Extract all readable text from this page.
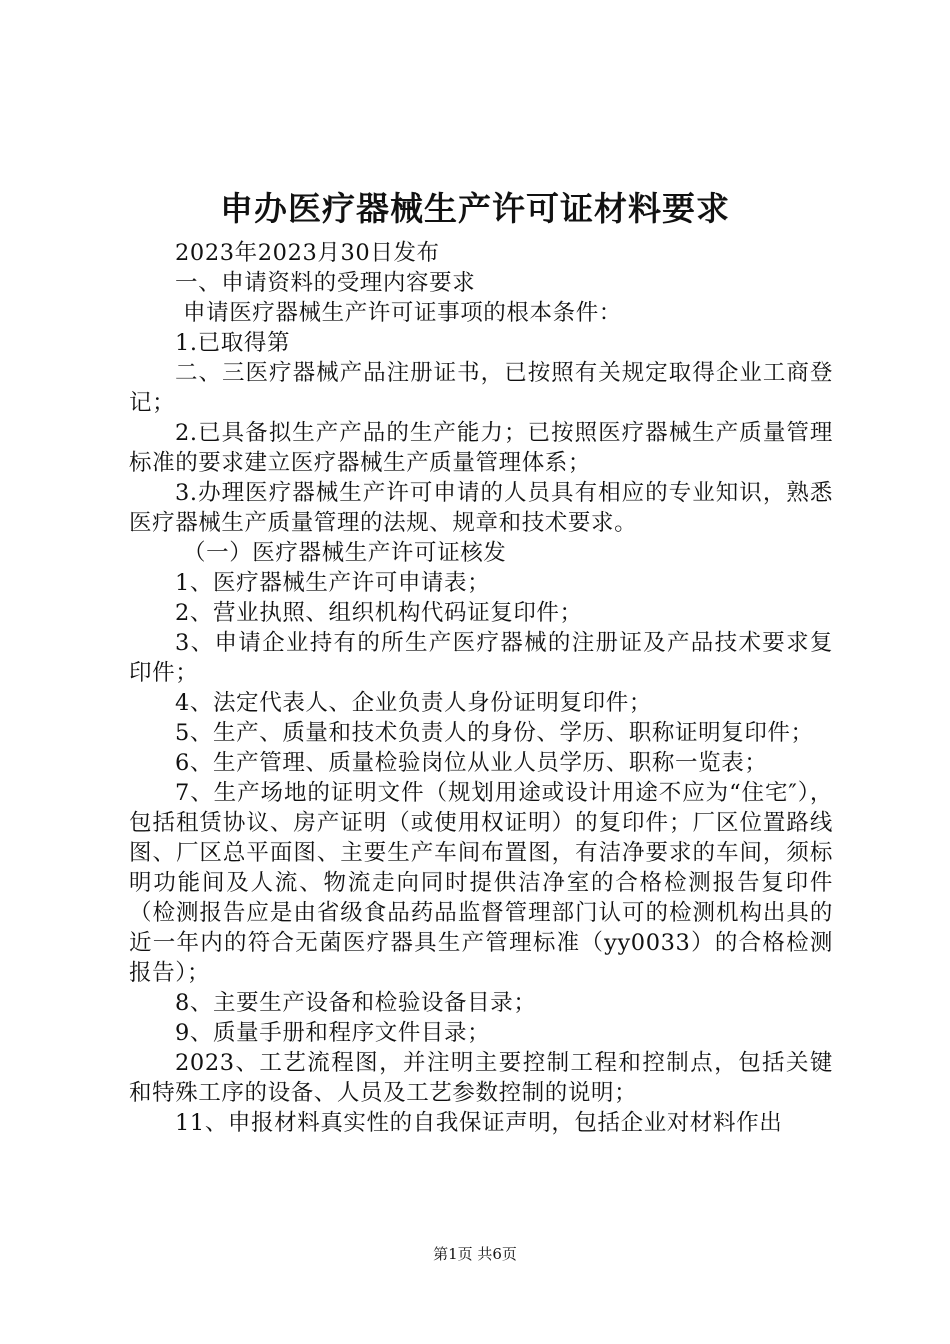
申办医疗器械生产许可证材料要求

2023年2023月30日发布

一、申请资料的受理内容要求

申请医疗器械生产许可证事项的根本条件：

1.已取得第

二、三医疗器械产品注册证书，已按照有关规定取得企业工商登记；

2.已具备拟生产产品的生产能力；已按照医疗器械生产质量管理标准的要求建立医疗器械生产质量管理体系；

3.办理医疗器械生产许可申请的人员具有相应的专业知识，熟悉医疗器械生产质量管理的法规、规章和技术要求。

（一）医疗器械生产许可证核发

1、医疗器械生产许可申请表；

2、营业执照、组织机构代码证复印件；

3、申请企业持有的所生产医疗器械的注册证及产品技术要求复印件；

4、法定代表人、企业负责人身份证明复印件；

5、生产、质量和技术负责人的身份、学历、职称证明复印件；

6、生产管理、质量检验岗位从业人员学历、职称一览表；

7、生产场地的证明文件（规划用途或设计用途不应为“住宅″），包括租赁协议、房产证明（或使用权证明）的复印件；厂区位置路线图、厂区总平面图、主要生产车间布置图，有洁净要求的车间，须标明功能间及人流、物流走向同时提供洁净室的合格检测报告复印件（检测报告应是由省级食品药品监督管理部门认可的检测机构出具的近一年内的符合无菌医疗器具生产管理标准（yy0033）的合格检测报告）；

8、主要生产设备和检验设备目录；

9、质量手册和程序文件目录；

2023、工艺流程图，并注明主要控制工程和控制点，包括关键和特殊工序的设备、人员及工艺参数控制的说明；

11、申报材料真实性的自我保证声明，包括企业对材料作出

第1页 共6页
